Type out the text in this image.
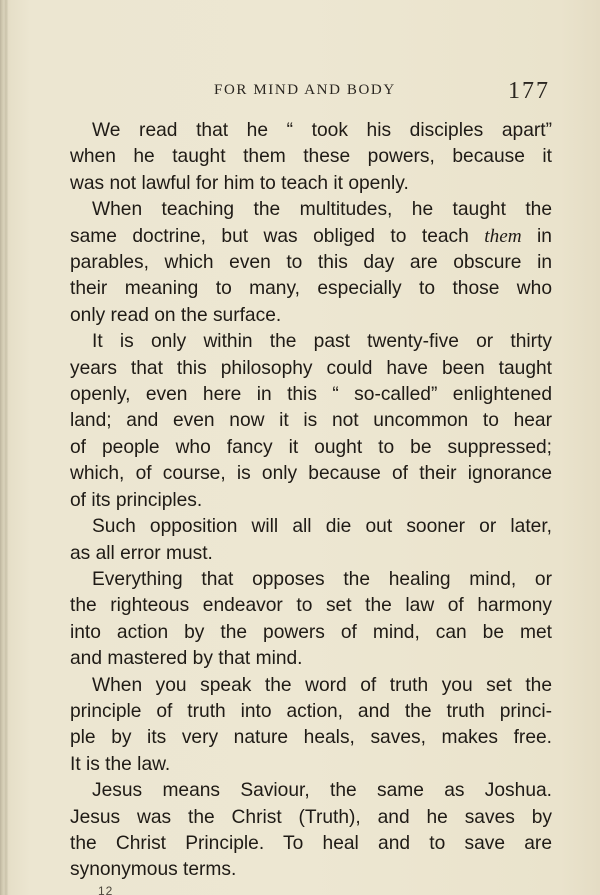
FOR MIND AND BODY	177

We read that he “ took his disciples apart”
when he taught them these powers, because it
was not lawful for him to teach it openly.

When teaching the multitudes, he taught the
same doctrine, but was obliged to teach them in
parables, which even to this day are obscure in
their meaning to many, especially to those who
only read on the surface.

It is only within the past twenty-five or thirty
years that this philosophy could have been taught
openly, even here in this “ so-called” enlightened
land; and even now it is not uncommon to hear
of people who fancy it ought to be suppressed;
which, of course, is only because of their ignorance
of its principles.

Such opposition will all die out sooner or later,
as all error must.

Everything that opposes the healing mind, or
the righteous endeavor to set the law of harmony
into action by the powers of mind, can be met
and mastered by that mind.

When you speak the word of truth you set the
principle of truth into action, and the truth princi-
ple by its very nature heals, saves, makes free.
It is the law.

Jesus means Saviour, the same as Joshua.
Jesus was the Christ (Truth), and he saves by
the Christ Principle. To heal and to save are
synonymous terms.

12
